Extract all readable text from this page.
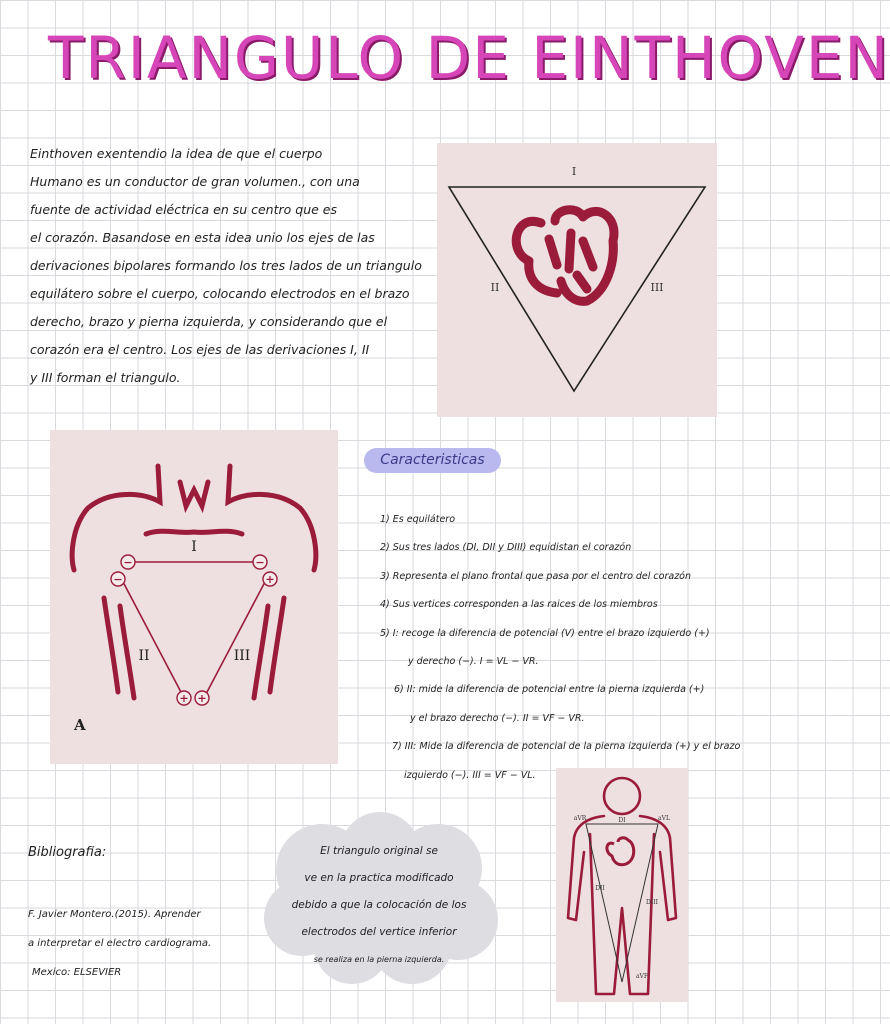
TRIANGULO DE EINTHOVEN
Einthoven exentendio la idea de que el cuerpo
Humano es un conductor de gran volumen., con una
fuente de actividad eléctrica en su centro que es
el corazón. Basandose en esta idea unio los ejes de las
derivaciones bipolares formando los tres lados de un triangulo
equilátero sobre el cuerpo, colocando electrodos en el brazo
derecho, brazo y pierna izquierda, y considerando que el
corazón era el centro. Los ejes de las derivaciones I, II
y III forman el triangulo.
I
II	III
−
−
−
+
+ +
I
II	III
A
Caracteristicas
1) Es equilátero
2) Sus tres lados (DI, DII y DIII) equidistan el corazón
3) Representa el plano frontal que pasa por el centro del corazón
4) Sus vertices corresponden a las raices de los miembros
5) I: recoge la diferencia de potencial (V) entre el brazo izquierdo (+)
y derecho (−). I = VL − VR.
6) II: mide la diferencia de potencial entre la pierna izquierda (+)
y el brazo derecho (−). II = VF − VR.
7) III: Mide la diferencia de potencial de la pierna izquierda (+) y el brazo
izquierdo (−). III = VF − VL.
Bibliografia:
F. Javier Montero.(2015). Aprender
a interpretar el electro cardiograma.
Mexico: ELSEVIER
El triangulo original se
ve en la practica modificado
debido a que la colocación de los
electrodos del vertice inferior
se realiza en la pierna izquierda.
aVR	aVL
DI
DII
DIII
aVF
